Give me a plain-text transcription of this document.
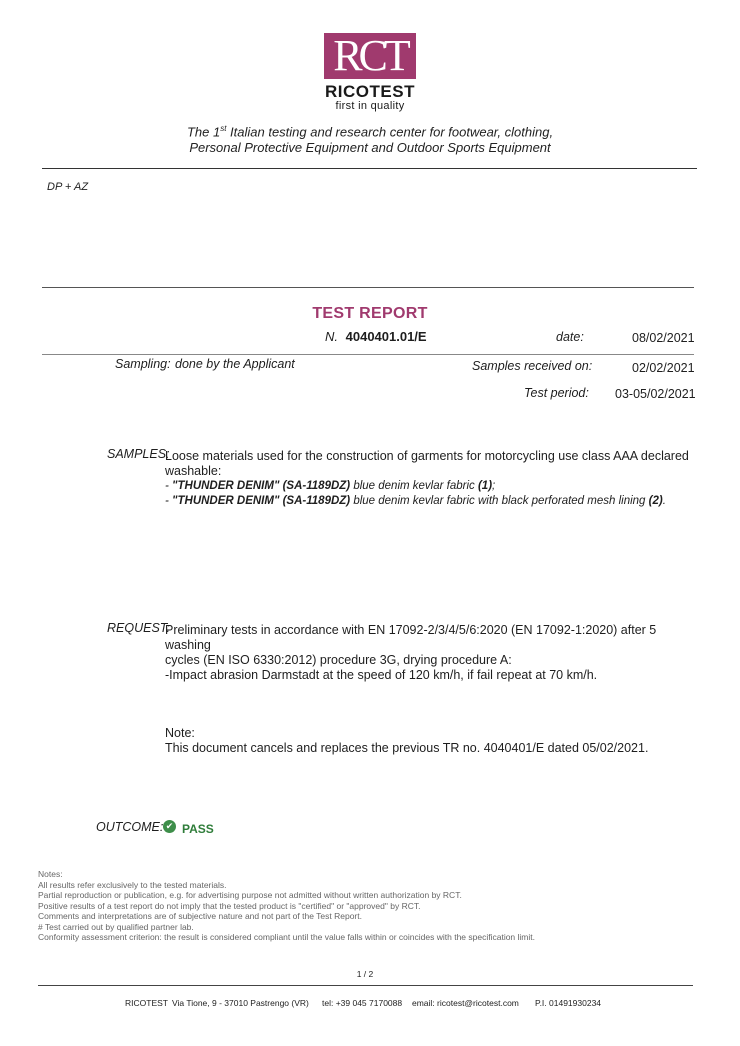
RCT
RICOTEST
first in quality
The 1st Italian testing and research center for footwear, clothing,
Personal Protective Equipment and Outdoor Sports Equipment
DP + AZ
TEST REPORT
N. 4040401.01/E	date:	08/02/2021
Sampling: done by the Applicant	Samples received on:	02/02/2021
Test period: 03-05/02/2021
SAMPLES:
Loose materials used for the construction of garments for motorcycling use class AAA declared
washable:
- "THUNDER DENIM" (SA-1189DZ) blue denim kevlar fabric (1);
- "THUNDER DENIM" (SA-1189DZ) blue denim kevlar fabric with black perforated mesh lining (2).
REQUEST:
Preliminary tests in accordance with EN 17092-2/3/4/5/6:2020 (EN 17092-1:2020) after 5 washing
cycles (EN ISO 6330:2012) procedure 3G, drying procedure A:
-Impact abrasion Darmstadt at the speed of 120 km/h, if fail repeat at 70 km/h.
Note:
This document cancels and replaces the previous TR no. 4040401/E dated 05/02/2021.
OUTCOME: ✔ PASS
Notes:
All results refer exclusively to the tested materials.
Partial reproduction or publication, e.g. for advertising purpose not admitted without written authorization by RCT.
Positive results of a test report do not imply that the tested product is "certified" or "approved" by RCT.
Comments and interpretations are of subjective nature and not part of the Test Report.
# Test carried out by qualified partner lab.
Conformity assessment criterion: the result is considered compliant until the value falls within or coincides with the specification limit.
1 / 2
RICOTEST Via Tione, 9 - 37010 Pastrengo (VR) tel: +39 045 7170088 email: ricotest@ricotest.com P.I. 01491930234
